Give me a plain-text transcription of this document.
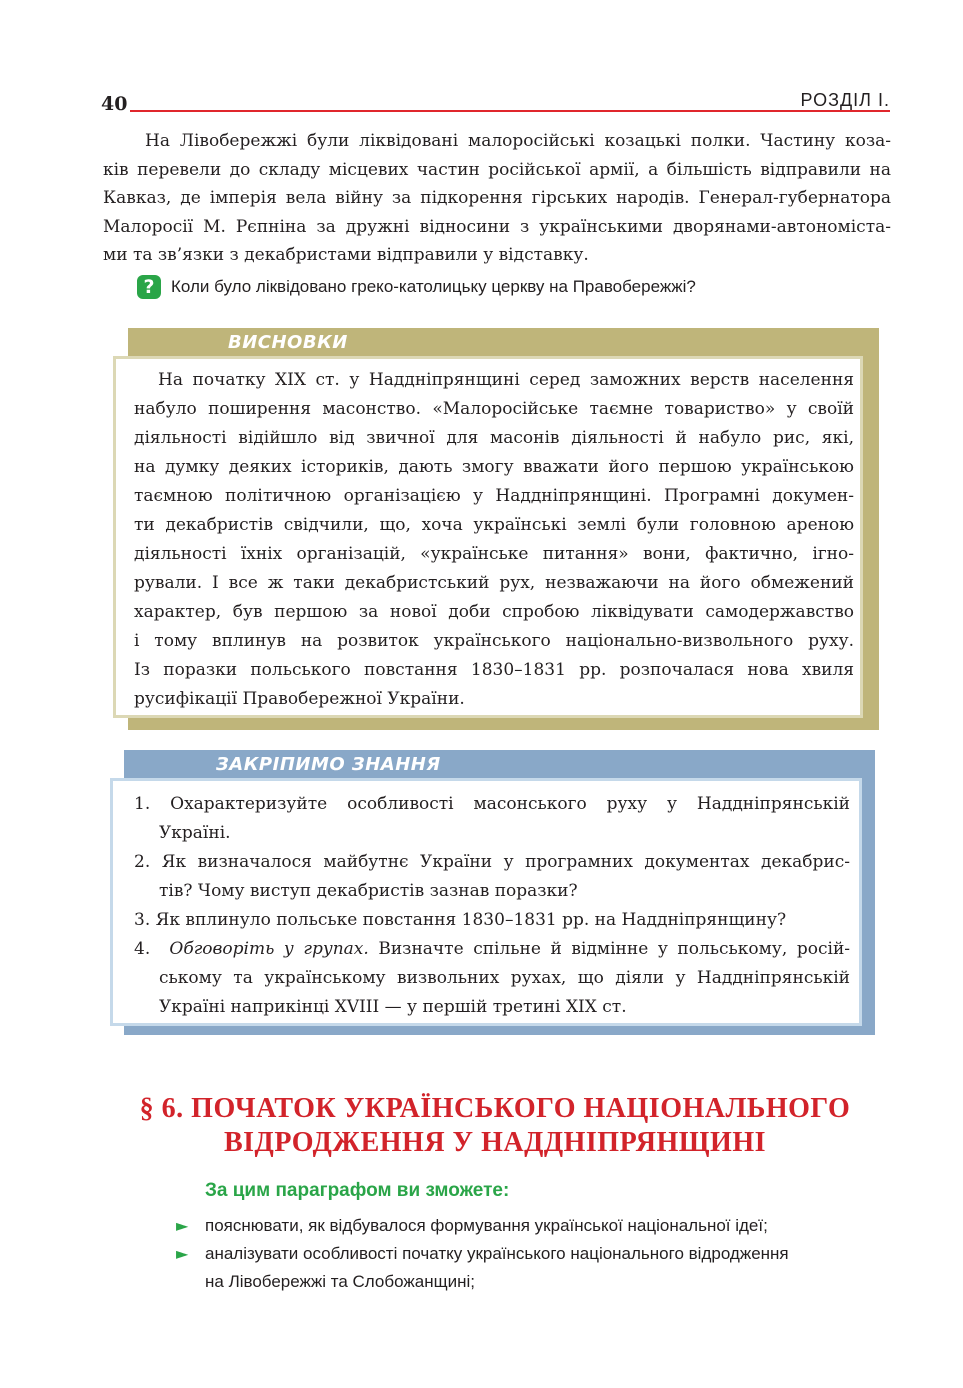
40	РОЗДІЛ І.
На Лівобережжі були ліквідовані малоросійські козацькі полки. Частину коза-
ків перевели до складу місцевих частин російської армії, а більшість відправили на
Кавказ, де імперія вела війну за підкорення гірських народів. Генерал-губернатора
Малоросії М. Рєпніна за дружні відносини з українськими дворянами-автономіста-
ми та зв’язки з декабристами відправили у відставку.
? Коли було ліквідовано греко-католицьку церкву на Правобережжі?
ВИСНОВКИ
На початку XIX ст. у Наддніпрянщині серед заможних верств населення
набуло поширення масонство. «Малоросійське таємне товариство» у своїй
діяльності відійшло від звичної для масонів діяльності й набуло рис, які,
на думку деяких істориків, дають змогу вважати його першою українською
таємною політичною організацією у Наддніпрянщині. Програмні докумен-
ти декабристів свідчили, що, хоча українські землі були головною ареною
діяльності їхніх організацій, «українське питання» вони, фактично, ігно-
рували. І все ж таки декабристський рух, незважаючи на його обмежений
характер, був першою за нової доби спробою ліквідувати самодержавство
і тому вплинув на розвиток українського національно-визвольного руху.
Із поразки польського повстання 1830–1831 рр. розпочалася нова хвиля
русифікації Правобережної України.
ЗАКРІПИМО ЗНАННЯ
1. Охарактеризуйте особливості масонського руху у Наддніпрянській
Україні.
2. Як визначалося майбутнє України у програмних документах декабрис-
тів? Чому виступ декабристів зазнав поразки?
3. Як вплинуло польське повстання 1830–1831 рр. на Наддніпрянщину?
4. Обговоріть у групах. Визначте спільне й відмінне у польському, росій-
ському та українському визвольних рухах, що діяли у Наддніпрянській
Україні наприкінці XVIII — у першій третині XIX ст.
§ 6. ПОЧАТОК УКРАЇНСЬКОГО НАЦІОНАЛЬНОГО
ВІДРОДЖЕННЯ У НАДДНІПРЯНЩИНІ
За цим параграфом ви зможете:
► пояснювати, як відбувалося формування української національної ідеї;
► аналізувати особливості початку українського національного відродження
на Лівобережжі та Слобожанщині;
